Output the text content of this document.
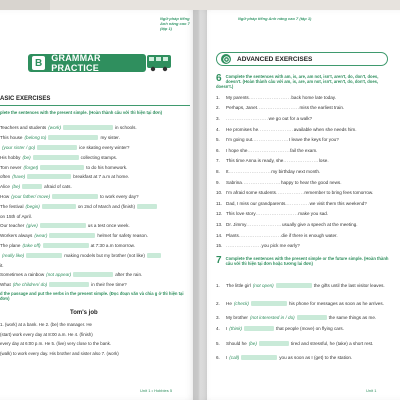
Ngữ pháp tiếng Anh nâng cao 7 (tập 1)
B	GRAMMAR PRACTICE
ASIC EXERCISES
plete the sentences with the present simple. (Hoàn thành câu với thì hiện tại đơn)
Teachers and students (work)	in schools.
This house (belong to)	my sister.
(your sister / go)	ice skating every winter?
His hobby (be)	collecting stamps.
Tom never (forget)	to do his homework.
often (have)	breakfast at 7 a.m at home.
Alice (be)	afraid of cats.
How (your father/ move)	to work every day?
The festival (begin)	on 2nd of March and (finish)
on 15th of April.
Our teacher (give)	us a test once week.
Workers always (wear)	helmet for safety reason.
The plane (take off)	at 7:30 a.m tomorrow.
(really like)	making models but my brother (not like)
it.
Sometimes a rainbow (not appear)	after the rain.
What (the children/ do)	in their free time?
d the passage and put the verbs in the present simple. (Đọc đoạn văn và chia g ở thì hiện tại đơn)
Tom's job
1. (work) at a bank. He 2. (be) the manager. He
(start) work every day at 8:00 a.m. He 4. (finish)
every day at 6:00 p.m. He 5. (live) very close to the bank.
(walk) to work every day. His brother and sister also 7. (work)
Unit 1 • Hobbies 5
Ngữ pháp tiếng Anh nâng cao 7 (tập 1)
ADVANCED EXERCISES
6 Complete the sentences with am, is, are, am not, isn't, aren't, do, don't, does, doesn't. (Hoàn thành câu với am, is, are, am not, isn't, aren't, do, don't, does, doesn't.)
1.	My parents ........................ back home late today.
2.	Perhaps, Janet ........................ miss the earliest train.
3.	........................ we go out for a walk?
4.	He promises he .................... available when she needs him.
5.	I'm going out. .................... I leave the keys for you?
6.	I hope she ........................ fail the exam.
7.	This time Anna is ready, she .................... lose.
8.	It ........................ my birthday next month.
9.	Sabrina ...................... happy to hear the good news.
10. I'm afraid some students ................ remember to bring fees tomorrow.
11. Dad, I miss our grandparents. ............. we visit them this weekend?
12. This love story ........................ make you sad.
13. Dr. Jimmy .................... usually give a speech at the meeting.
14. Plants ........................ die if there is enough water.
15. .................... you pick me early?
7 Complete the sentences with the present simple or the future simple. (Hoàn thành câu với thì hiện tại đơn hoặc tương lai đơn)
1.	The little girl (not open)	the gifts until the last visitor leaves.
2.	He (check)	his phone for messages as soon as he arrives.
3.	My brother (not interested in / do)	the same things as me.
4.	I (think)	that people (move) on flying cars.
5.	Should he (be)	tired and stressful, he (take) a short rest.
6.	I (call)	you as soon as I (get) to the station.
Unit 1
